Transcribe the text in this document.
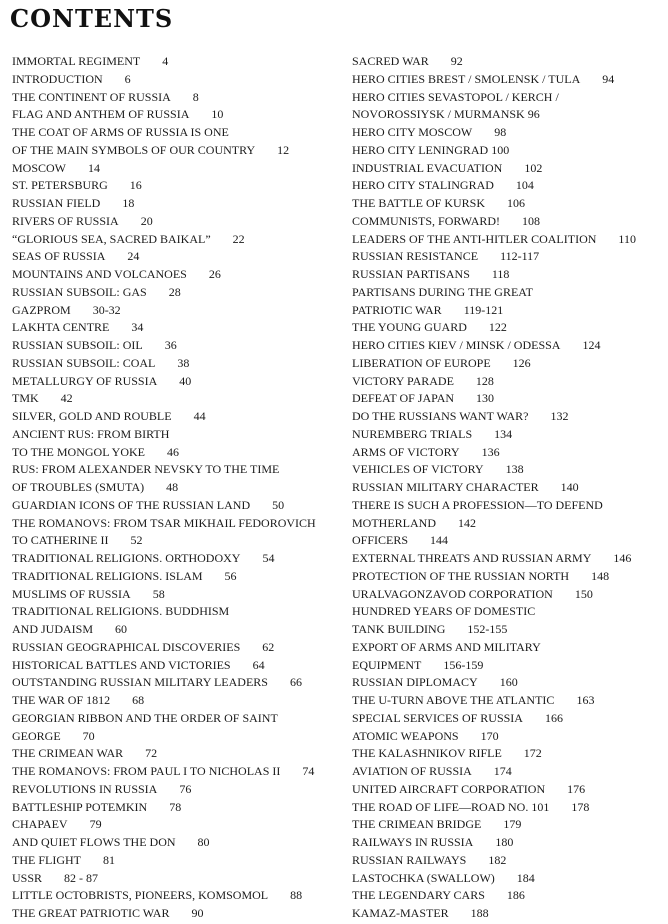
CONTENTS
IMMORTAL REGIMENT 4
INTRODUCTION 6
THE CONTINENT OF RUSSIA 8
FLAG AND ANTHEM OF RUSSIA 10
THE COAT OF ARMS OF RUSSIA IS ONE
OF THE MAIN SYMBOLS OF OUR COUNTRY 12
MOSCOW 14
ST. PETERSBURG 16
RUSSIAN FIELD 18
RIVERS OF RUSSIA 20
“GLORIOUS SEA, SACRED BAIKAL” 22
SEAS OF RUSSIA 24
MOUNTAINS AND VOLCANOES 26
RUSSIAN SUBSOIL: GAS 28
GAZPROM 30-32
LAKHTA CENTRE 34
RUSSIAN SUBSOIL: OIL 36
RUSSIAN SUBSOIL: COAL 38
METALLURGY OF RUSSIA 40
TMK 42
SILVER, GOLD AND ROUBLE 44
ANCIENT RUS: FROM BIRTH
TO THE MONGOL YOKE 46
RUS: FROM ALEXANDER NEVSKY TO THE TIME
OF TROUBLES (SMUTA) 48
GUARDIAN ICONS OF THE RUSSIAN LAND 50
THE ROMANOVS: FROM TSAR MIKHAIL FEDOROVICH
TO CATHERINE II 52
TRADITIONAL RELIGIONS. ORTHODOXY 54
TRADITIONAL RELIGIONS. ISLAM 56
MUSLIMS OF RUSSIA 58
TRADITIONAL RELIGIONS. BUDDHISM
AND JUDAISM 60
RUSSIAN GEOGRAPHICAL DISCOVERIES 62
HISTORICAL BATTLES AND VICTORIES 64
OUTSTANDING RUSSIAN MILITARY LEADERS 66
THE WAR OF 1812 68
GEORGIAN RIBBON AND THE ORDER OF SAINT
GEORGE 70
THE CRIMEAN WAR 72
THE ROMANOVS: FROM PAUL I TO NICHOLAS II 74
REVOLUTIONS IN RUSSIA 76
BATTLESHIP POTEMKIN 78
CHAPAEV 79
AND QUIET FLOWS THE DON 80
THE FLIGHT 81
USSR 82 - 87
LITTLE OCTOBRISTS, PIONEERS, KOMSOMOL 88
THE GREAT PATRIOTIC WAR 90
SACRED WAR 92
HERO CITIES BREST / SMOLENSK / TULA 94
HERO CITIES SEVASTOPOL / KERCH /
NOVOROSSIYSK / MURMANSK 96
HERO CITY MOSCOW 98
HERO CITY LENINGRAD 100
INDUSTRIAL EVACUATION 102
HERO CITY STALINGRAD 104
THE BATTLE OF KURSK 106
COMMUNISTS, FORWARD! 108
LEADERS OF THE ANTI-HITLER COALITION 110
RUSSIAN RESISTANCE 112-117
RUSSIAN PARTISANS 118
PARTISANS DURING THE GREAT
PATRIOTIC WAR 119-121
THE YOUNG GUARD 122
HERO CITIES KIEV / MINSK / ODESSA 124
LIBERATION OF EUROPE 126
VICTORY PARADE 128
DEFEAT OF JAPAN 130
DO THE RUSSIANS WANT WAR? 132
NUREMBERG TRIALS 134
ARMS OF VICTORY 136
VEHICLES OF VICTORY 138
RUSSIAN MILITARY CHARACTER 140
THERE IS SUCH A PROFESSION—TO DEFEND
MOTHERLAND 142
OFFICERS 144
EXTERNAL THREATS AND RUSSIAN ARMY 146
PROTECTION OF THE RUSSIAN NORTH 148
URALVAGONZAVOD CORPORATION 150
HUNDRED YEARS OF DOMESTIC
TANK BUILDING 152-155
EXPORT OF ARMS AND MILITARY
EQUIPMENT 156-159
RUSSIAN DIPLOMACY 160
THE U-TURN ABOVE THE ATLANTIC 163
SPECIAL SERVICES OF RUSSIA 166
ATOMIC WEAPONS 170
THE KALASHNIKOV RIFLE 172
AVIATION OF RUSSIA 174
UNITED AIRCRAFT CORPORATION 176
THE ROAD OF LIFE—ROAD NO. 101 178
THE CRIMEAN BRIDGE 179
RAILWAYS IN RUSSIA 180
RUSSIAN RAILWAYS 182
LASTOCHKA (SWALLOW) 184
THE LEGENDARY CARS 186
KAMAZ-MASTER 188
